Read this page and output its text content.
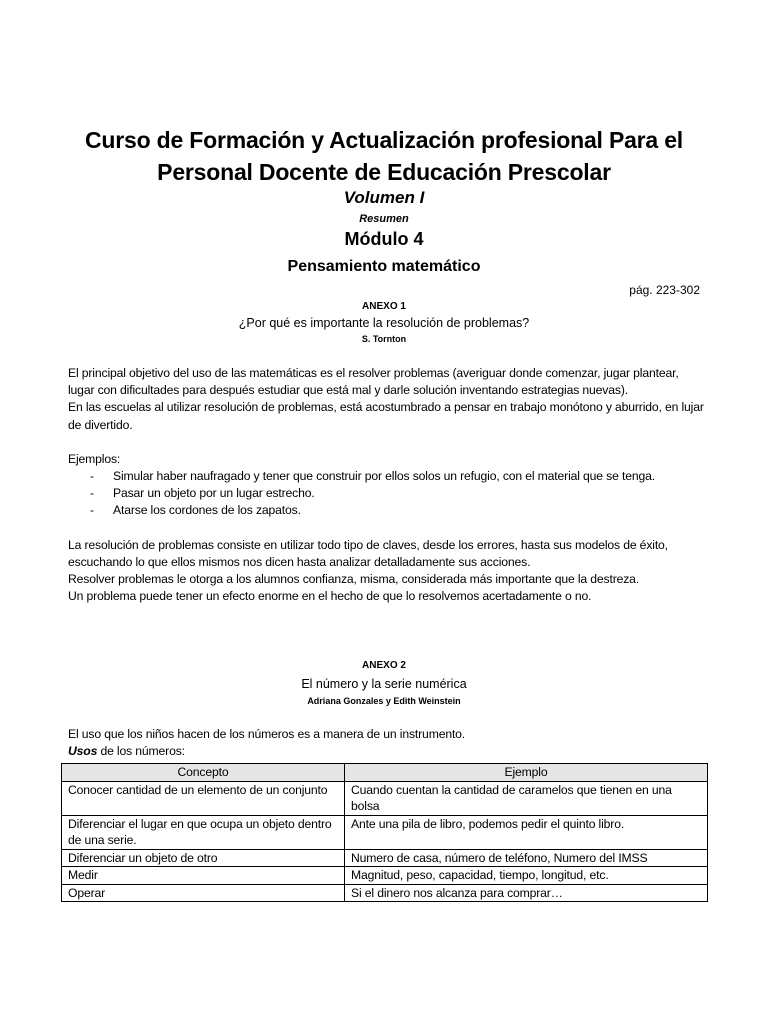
Curso de Formación y Actualización profesional Para el
Personal Docente de Educación Prescolar
Volumen I
Resumen
Módulo 4
Pensamiento matemático
pág. 223-302
ANEXO 1
¿Por qué es importante la resolución de problemas?
S. Tornton

El principal objetivo del uso de las matemáticas es el resolver problemas (averiguar donde comenzar, jugar plantear, lugar con dificultades para después estudiar que está mal y darle solución inventando estrategias nuevas).

En las escuelas al utilizar resolución de problemas, está acostumbrado a pensar en trabajo monótono y aburrido, en lujar de divertido.

Ejemplos:

- Simular haber naufragado y tener que construir por ellos solos un refugio, con el material que se tenga.
- Pasar un objeto por un lugar estrecho.
- Atarse los cordones de los zapatos.

La resolución de problemas consiste en utilizar todo tipo de claves, desde los errores, hasta sus modelos de éxito, escuchando lo que ellos mismos nos dicen hasta analizar detalladamente sus acciones.

Resolver problemas le otorga a los alumnos confianza, misma, considerada más importante que la destreza.

Un problema puede tener un efecto enorme en el hecho de que lo resolvemos acertadamente o no.

ANEXO 2
El número y la serie numérica
Adriana Gonzales y Edith Weinstein

El uso que los niños hacen de los números es a manera de un instrumento.

Usos de los números:

Concepto	Ejemplo
Conocer cantidad de un elemento de un conjunto	Cuando cuentan la cantidad de caramelos que tienen en una bolsa
Diferenciar el lugar en que ocupa un objeto dentro de una serie.	Ante una pila de libro, podemos pedir el quinto libro.
Diferenciar un objeto de otro	Numero de casa, número de teléfono, Numero del IMSS
Medir	Magnitud, peso, capacidad, tiempo, longitud, etc.
Operar	Si el dinero nos alcanza para comprar…
